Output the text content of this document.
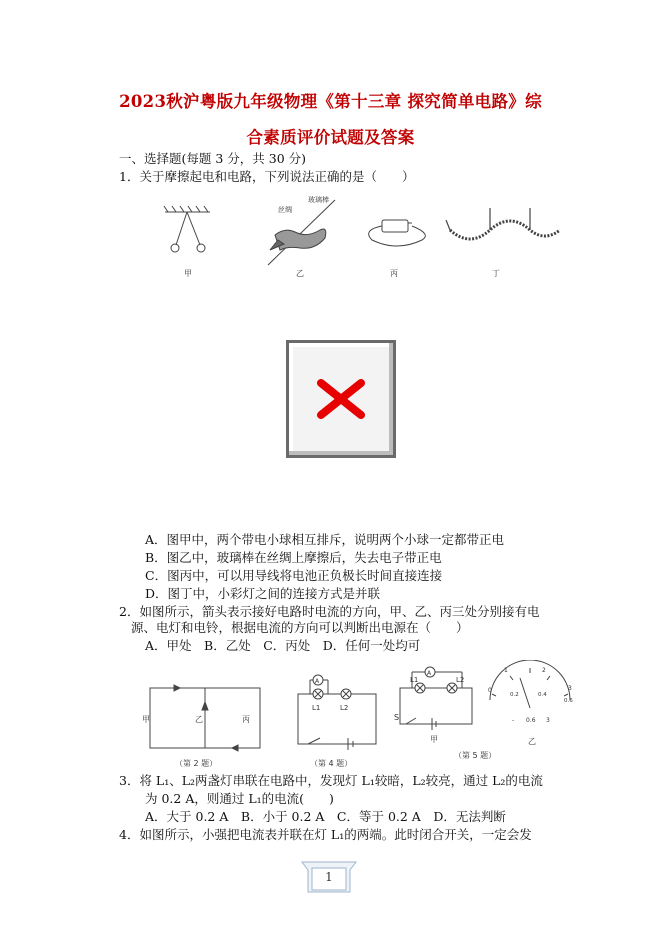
2023秋沪粤版九年级物理《第十三章 探究简单电路》综
合素质评价试题及答案
一、选择题(每题 3 分，共 30 分)
1．关于摩擦起电和电路，下列说法正确的是（　　）
甲	乙	丙	丁
丝绸
玻璃棒
A．图甲中，两个带电小球相互排斥，说明两个小球一定都带正电
B．图乙中，玻璃棒在丝绸上摩擦后，失去电子带正电
C．图丙中，可以用导线将电池正负极长时间直接连接
D．图丁中，小彩灯之间的连接方式是并联
2．如图所示，箭头表示接好电路时电流的方向，甲、乙、丙三处分别接有电
源、电灯和电铃，根据电流的方向可以判断出电源在（　　）
A．甲处　B．乙处　C．丙处　D．任何一处均可
甲	乙	丙
（第 2 题）
A
L1	L2
（第 4 题）
A
L1	L2
S
甲
0
1	2
3
0.2	0.4
0.6
- 0.6 3
乙
（第 5 题）
3．将 L₁、L₂两盏灯串联在电路中，发现灯 L₁较暗，L₂较亮，通过 L₂的电流
为 0.2 A，则通过 L₁的电流(　　)
A．大于 0.2 A　B．小于 0.2 A　C．等于 0.2 A　D．无法判断
4．如图所示，小强把电流表并联在灯 L₁的两端。此时闭合开关，一定会发
1
